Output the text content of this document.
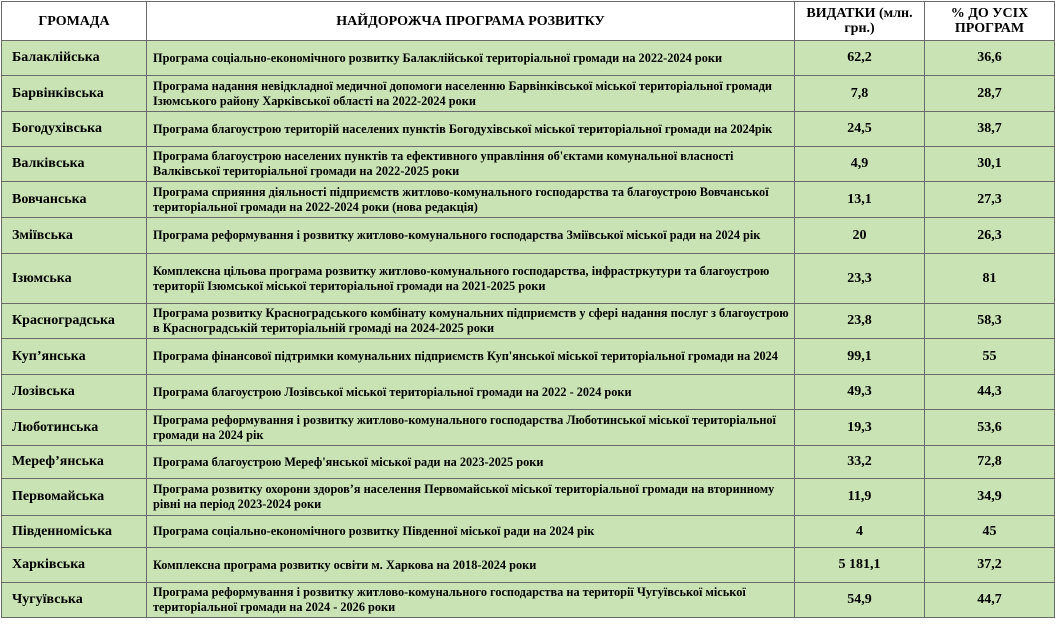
ГРОМАДА	НАЙДОРОЖЧА ПРОГРАМА РОЗВИТКУ	ВИДАТКИ (млн. грн.)	% ДО УСІХ ПРОГРАМ
Балаклійська	Програма соціально-економічного розвитку Балаклійської територіальної громади на 2022-2024 роки	62,2	36,6
Барвінківська	Програма надання невідкладної медичної допомоги населенню Барвінківської міської територіальної громади Ізюмського району Харківської області на 2022-2024 роки	7,8	28,7
Богодухівська	Програма благоустрою територій населених пунктів Богодухівської міської територіальної громади на 2024рік	24,5	38,7
Валківська	Програма благоустрою населених пунктів та ефективного управління об'єктами комунальної власності Валківської територіальної громади на 2022-2025 роки	4,9	30,1
Вовчанська	Програма сприяння діяльності підприємств житлово-комунального господарства та благоустрою Вовчанської територіальної громади на 2022-2024 роки (нова редакція)	13,1	27,3
Зміївська	Програма реформування і розвитку житлово-комунального господарства Зміївської міської ради на 2024 рік	20	26,3
Ізюмська	Комплексна цільова програма розвитку житлово-комунального господарства, інфрастркутури та благоустрою території Ізюмської міської територіальної громади на 2021-2025 роки	23,3	81
Красноградська	Програма розвитку Красноградського комбінату комунальних підприємств у сфері надання послуг з благоустрою в Красноградській територіальній громаді на 2024-2025 роки	23,8	58,3
Куп’янська	Програма фінансової підтримки комунальних підприємств Куп'янської міської територіальної громади на 2024	99,1	55
Лозівська	Програма благоустрою Лозівської міської територіальної громади на 2022 - 2024 роки	49,3	44,3
Люботинська	Програма реформування і розвитку житлово-комунального господарства Люботинської міської територіальної громади на 2024 рік	19,3	53,6
Мереф’янська	Програма благоустрою Мереф'янської міської ради на 2023-2025 роки	33,2	72,8
Первомайська	Програма розвитку охорони здоров’я населення Первомайської міської територіальної громади на вторинному рівні на період 2023-2024 роки	11,9	34,9
Південномiська	Програма соціально-економічного розвитку Південної міської ради на 2024 рік	4	45
Харківська	Комплексна програма розвитку освіти м. Харкова на 2018-2024 роки	5 181,1	37,2
Чугуївська	Програма реформування і розвитку житлово-комунального господарства на території Чугуївської міської територіальної громади на 2024 - 2026 роки	54,9	44,7
